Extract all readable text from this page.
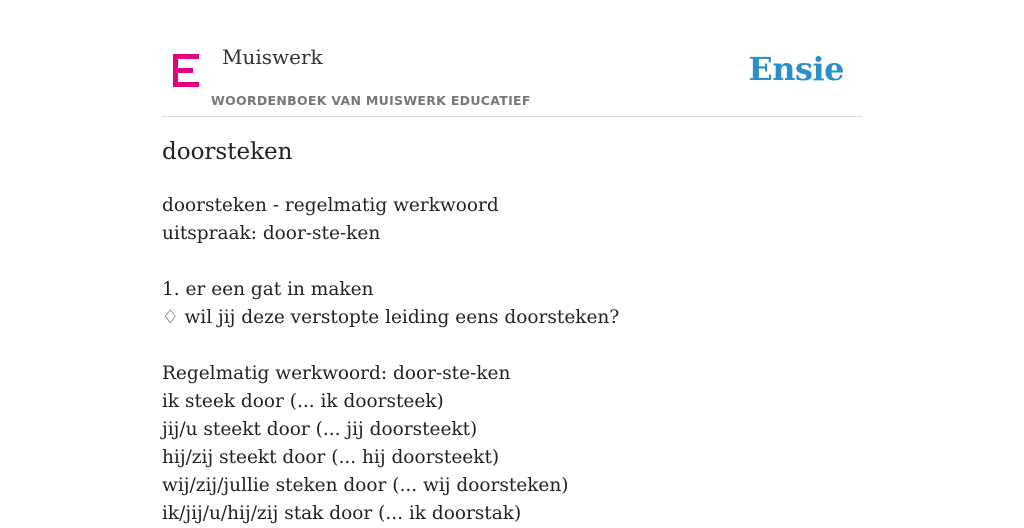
Muiswerk
WOORDENBOEK VAN MUISWERK EDUCATIEF
Ensie
doorsteken
doorsteken - regelmatig werkwoord
uitspraak: door-ste-ken
1. er een gat in maken
♢ wil jij deze verstopte leiding eens doorsteken?
Regelmatig werkwoord: door-ste-ken
ik steek door (... ik doorsteek)
jij/u steekt door (... jij doorsteekt)
hij/zij steekt door (... hij doorsteekt)
wij/zij/jullie steken door (... wij doorsteken)
ik/jij/u/hij/zij stak door (... ik doorstak)
